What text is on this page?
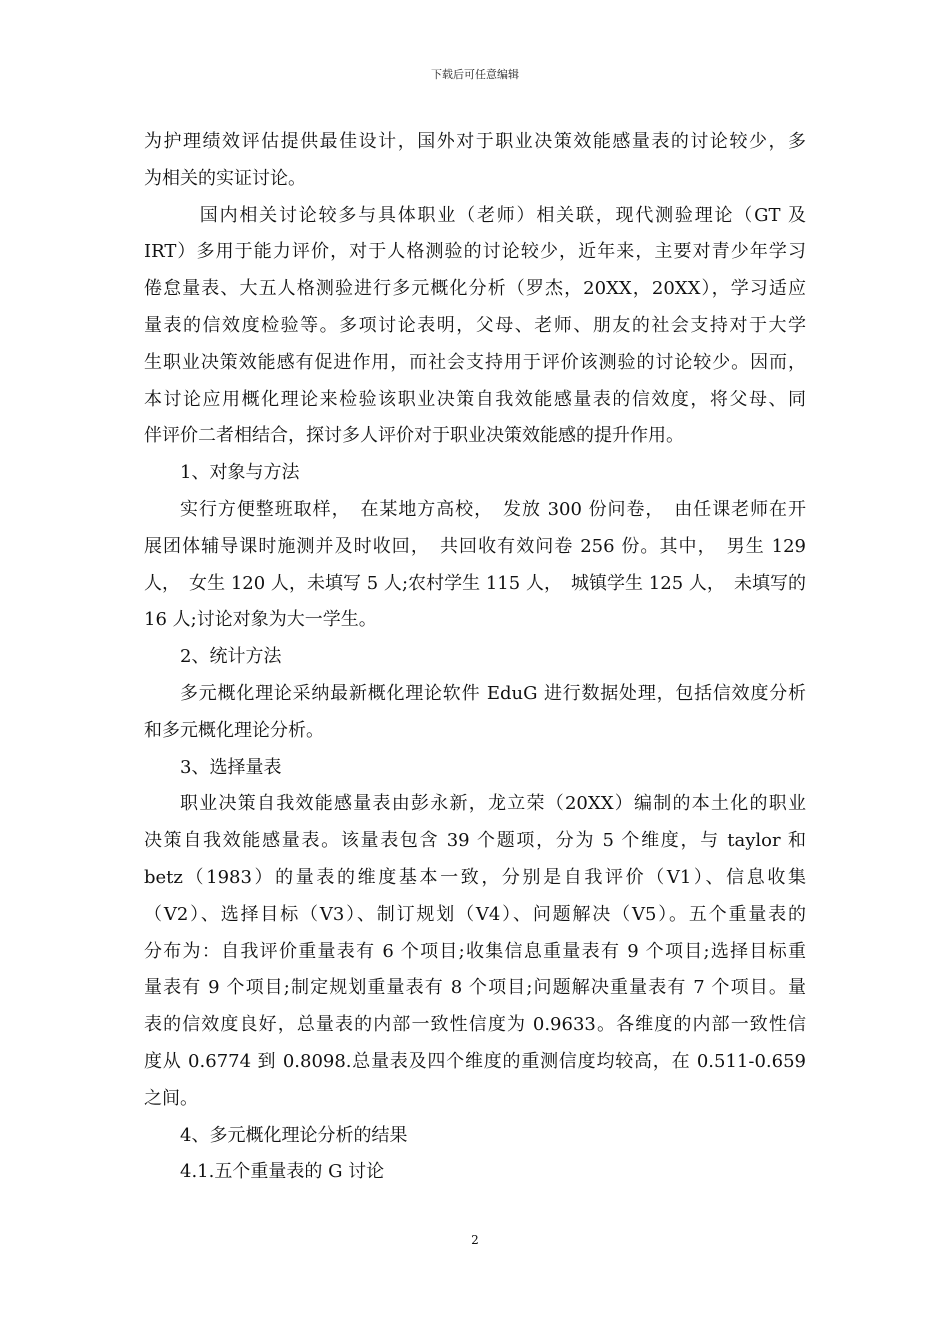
下载后可任意编辑
为护理绩效评估提供最佳设计，国外对于职业决策效能感量表的讨论较少，多
为相关的实证讨论。
　国内相关讨论较多与具体职业（老师）相关联，现代测验理论（GT 及
IRT）多用于能力评价，对于人格测验的讨论较少，近年来，主要对青少年学习
倦怠量表、大五人格测验进行多元概化分析（罗杰，20XX，20XX），学习适应
量表的信效度检验等。多项讨论表明，父母、老师、朋友的社会支持对于大学
生职业决策效能感有促进作用，而社会支持用于评价该测验的讨论较少。因而，
本讨论应用概化理论来检验该职业决策自我效能感量表的信效度，将父母、同
伴评价二者相结合，探讨多人评价对于职业决策效能感的提升作用。
1、对象与方法
实行方便整班取样，　在某地方高校，　发放 300 份问卷，　由任课老师在开
展团体辅导课时施测并及时收回，　共回收有效问卷 256 份。其中，　男生 129
人，　女生 120 人，未填写 5 人;农村学生 115 人，　城镇学生 125 人，　未填写的
16 人;讨论对象为大一学生。
2、统计方法
多元概化理论采纳最新概化理论软件 EduG 进行数据处理，包括信效度分析
和多元概化理论分析。
3、选择量表
职业决策自我效能感量表由彭永新，龙立荣（20XX）编制的本土化的职业
决策自我效能感量表。该量表包含 39 个题项，分为 5 个维度，与 taylor 和
betz（1983）的量表的维度基本一致，分别是自我评价（V1）、信息收集
（V2）、选择目标（V3）、制订规划（V4）、问题解决（V5）。五个重量表的
分布为：自我评价重量表有 6 个项目;收集信息重量表有 9 个项目;选择目标重
量表有 9 个项目;制定规划重量表有 8 个项目;问题解决重量表有 7 个项目。量
表的信效度良好，总量表的内部一致性信度为 0.9633。各维度的内部一致性信
度从 0.6774 到 0.8098.总量表及四个维度的重测信度均较高，在 0.511-0.659
之间。
4、多元概化理论分析的结果
4.1.五个重量表的 G 讨论
2
